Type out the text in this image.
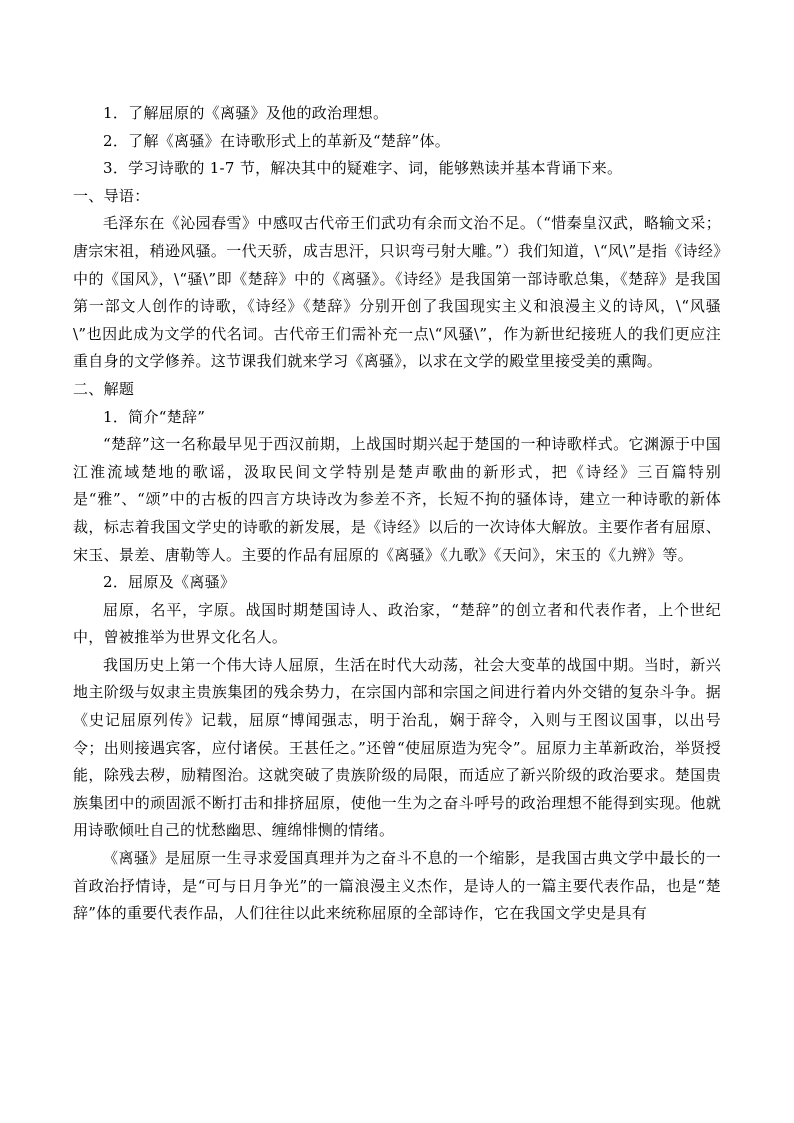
1．了解屈原的《离骚》及他的政治理想。

2．了解《离骚》在诗歌形式上的革新及“楚辞”体。

3．学习诗歌的 1-7 节，解决其中的疑难字、词，能够熟读并基本背诵下来。

一、导语：

毛泽东在《沁园春雪》中感叹古代帝王们武功有余而文治不足。（“惜秦皇汉武，略输文采；唐宗宋祖，稍逊风骚。一代天骄，成吉思汗，只识弯弓射大雕。”）我们知道，\“风\”是指《诗经》中的《国风》，\“骚\”即《楚辞》中的《离骚》。《诗经》是我国第一部诗歌总集，《楚辞》是我国第一部文人创作的诗歌，《诗经》《楚辞》分别开创了我国现实主义和浪漫主义的诗风，\“风骚\”也因此成为文学的代名词。古代帝王们需补充一点\“风骚\”，作为新世纪接班人的我们更应注重自身的文学修养。这节课我们就来学习《离骚》，以求在文学的殿堂里接受美的熏陶。

二、解题

1．简介“楚辞”

“楚辞”这一名称最早见于西汉前期，上战国时期兴起于楚国的一种诗歌样式。它渊源于中国江淮流域楚地的歌谣，汲取民间文学特别是楚声歌曲的新形式，把《诗经》三百篇特别是“雅”、“颂”中的古板的四言方块诗改为参差不齐，长短不拘的骚体诗，建立一种诗歌的新体裁，标志着我国文学史的诗歌的新发展，是《诗经》以后的一次诗体大解放。主要作者有屈原、宋玉、景差、唐勒等人。主要的作品有屈原的《离骚》《九歌》《天问》，宋玉的《九辨》等。

2．屈原及《离骚》

屈原，名平，字原。战国时期楚国诗人、政治家，“楚辞”的创立者和代表作者，上个世纪中，曾被推举为世界文化名人。

我国历史上第一个伟大诗人屈原，生活在时代大动荡，社会大变革的战国中期。当时，新兴地主阶级与奴隶主贵族集团的残余势力，在宗国内部和宗国之间进行着内外交错的复杂斗争。据《史记屈原列传》记载，屈原“博闻强志，明于治乱，娴于辞令，入则与王图议国事，以出号令；出则接遇宾客，应付诸侯。王甚任之。”还曾“使屈原造为宪令”。屈原力主革新政治，举贤授能，除残去秽，励精图治。这就突破了贵族阶级的局限，而适应了新兴阶级的政治要求。楚国贵族集团中的顽固派不断打击和排挤屈原，使他一生为之奋斗呼号的政治理想不能得到实现。他就用诗歌倾吐自己的忧愁幽思、缠绵悱恻的情绪。

《离骚》是屈原一生寻求爱国真理并为之奋斗不息的一个缩影，是我国古典文学中最长的一首政治抒情诗，是“可与日月争光”的一篇浪漫主义杰作，是诗人的一篇主要代表作品，也是“楚辞”体的重要代表作品，人们往往以此来统称屈原的全部诗作，它在我国文学史是具有
